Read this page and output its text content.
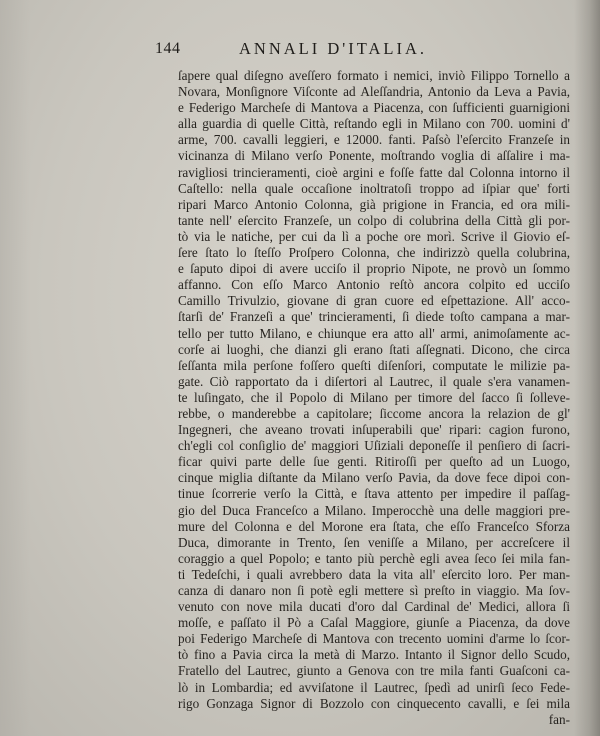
144	ANNALI D'ITALIA.
ſapere qual diſegno aveſſero formato i nemici, inviò Filippo Tornello a
Novara, Monſignore Viſconte ad Aleſſandria, Antonio da Leva a Pavia,
e Federigo Marcheſe di Mantova a Piacenza, con ſufficienti guarnigioni
alla guardia di quelle Città, reſtando egli in Milano con 700. uomini d'
arme, 700. cavalli leggieri, e 12000. fanti. Paſsò l'eſercito Franzeſe in
vicinanza di Milano verſo Ponente, moſtrando voglia di aſſalire i ma-
ravigliosi trincieramenti, cioè argini e foſſe fatte dal Colonna intorno il
Caſtello: nella quale occaſione inoltratoſi troppo ad iſpiar que' forti
ripari Marco Antonio Colonna, già prigione in Francia, ed ora mili-
tante nell' eſercito Franzeſe, un colpo di colubrina della Città gli por-
tò via le natiche, per cui da lì a poche ore morì. Scrive il Giovio eſ-
ſere ſtato lo ſteſſo Proſpero Colonna, che indirizzò quella colubrina,
e ſaputo dipoi di avere ucciſo il proprio Nipote, ne provò un ſommo
affanno. Con eſſo Marco Antonio reſtò ancora colpito ed ucciſo
Camillo Trivulzio, giovane di gran cuore ed eſpettazione. All' acco-
ſtarſi de' Franzeſi a que' trincieramenti, ſi diede toſto campana a mar-
tello per tutto Milano, e chiunque era atto all' armi, animoſamente ac-
corſe ai luoghi, che dianzi gli erano ſtati aſſegnati. Dicono, che circa
ſeſſanta mila perſone foſſero queſti diſenſori, computate le milizie pa-
gate. Ciò rapportato da i diſertori al Lautrec, il quale s'era vanamen-
te luſingato, che il Popolo di Milano per timore del ſacco ſi ſolleve-
rebbe, o manderebbe a capitolare; ſiccome ancora la relazion de gl'
Ingegneri, che aveano trovati inſuperabili que' ripari: cagion furono,
ch'egli col conſiglio de' maggiori Uſiziali deponeſſe il penſiero di ſacri-
ficar quivi parte delle ſue genti. Ritiroſſi per queſto ad un Luogo,
cinque miglia diſtante da Milano verſo Pavia, da dove fece dipoi con-
tinue ſcorrerie verſo la Città, e ſtava attento per impedire il paſſag-
gio del Duca Franceſco a Milano. Imperocchè una delle maggiori pre-
mure del Colonna e del Morone era ſtata, che eſſo Franceſco Sforza
Duca, dimorante in Trento, ſen veniſſe a Milano, per accreſcere il
coraggio a quel Popolo; e tanto più perchè egli avea ſeco ſei mila fan-
ti Tedeſchi, i quali avrebbero data la vita all' eſercito loro. Per man-
canza di danaro non ſi potè egli mettere sì preſto in viaggio. Ma ſov-
venuto con nove mila ducati d'oro dal Cardinal de' Medici, allora ſi
moſſe, e paſſato il Pò a Caſal Maggiore, giunſe a Piacenza, da dove
poi Federigo Marcheſe di Mantova con trecento uomini d'arme lo ſcor-
tò fino a Pavia circa la metà di Marzo. Intanto il Signor dello Scudo,
Fratello del Lautrec, giunto a Genova con tre mila fanti Guaſconi ca-
lò in Lombardia; ed avviſatone il Lautrec, ſpedì ad unirſi ſeco Fede-
rigo Gonzaga Signor di Bozzolo con cinquecento cavalli, e ſei mila
fan-
